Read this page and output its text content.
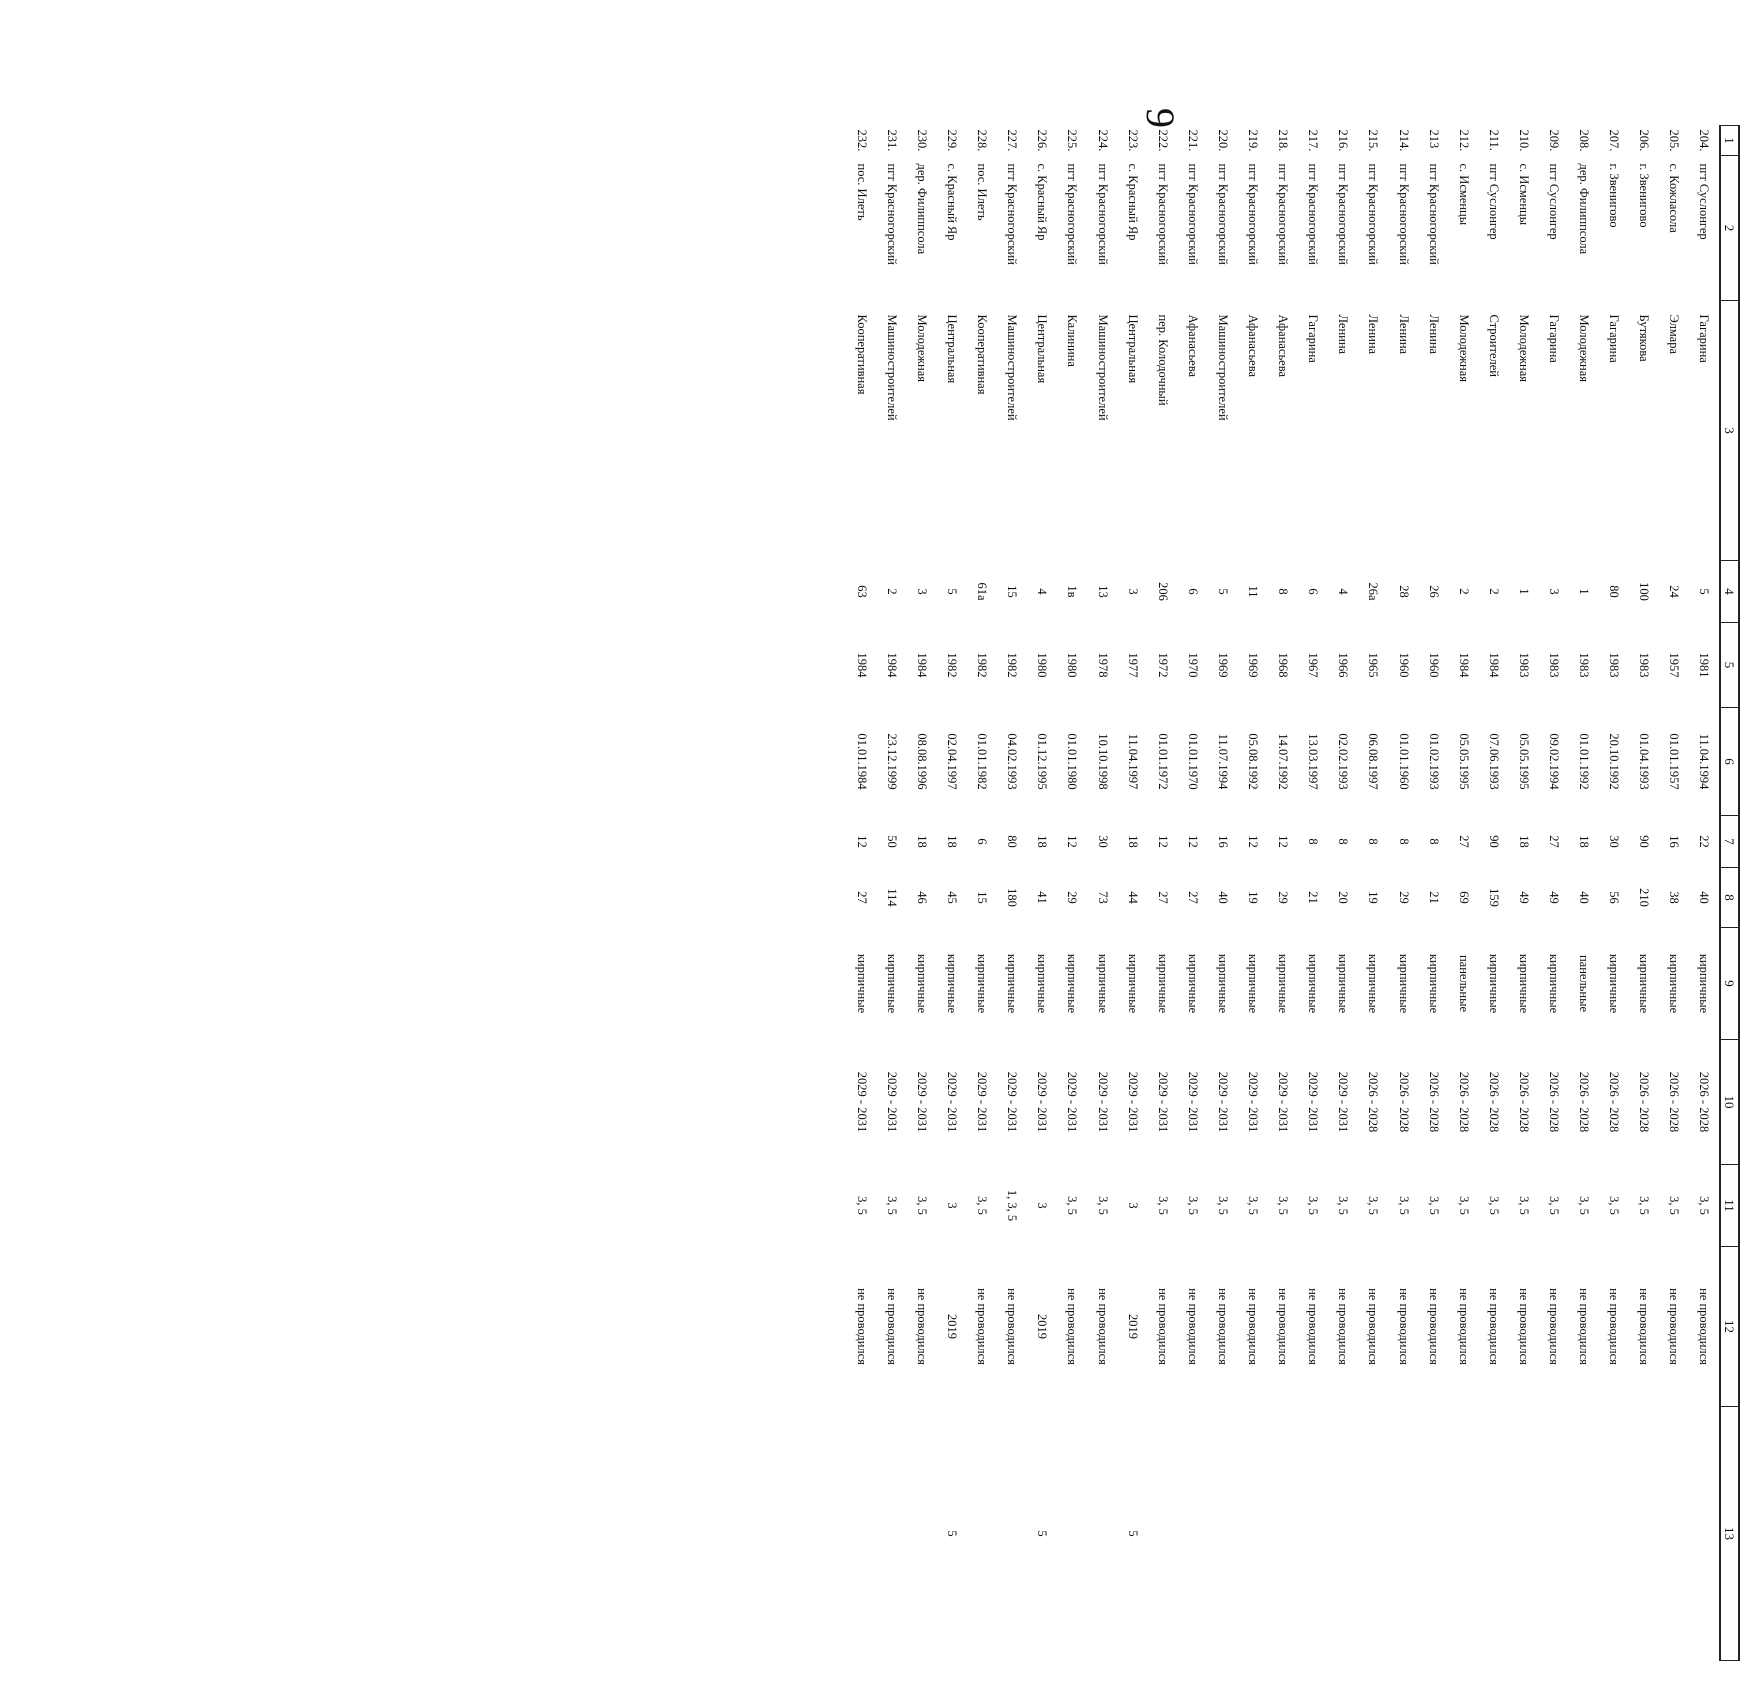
9
1	2	3	4	5	6	7	8	9	10	11	12	13
204.	пгт Суслонгер	Гагарина	5	1981	11.04.1994	22	40	кирпичные	2026 - 2028	3, 5	не проводился	
205.	с. Кожласола	Элмара	24	1957	01.01.1957	16	38	кирпичные	2026 - 2028	3, 5	не проводился	
206.	г. Звенигово	Бутякова	100	1983	01.04.1993	90	210	кирпичные	2026 - 2028	3, 5	не проводился	
207.	г. Звенигово	Гагарина	80	1983	20.10.1992	30	56	кирпичные	2026 - 2028	3, 5	не проводился	
208.	дер. Филиппсола	Молодежная	1	1983	01.01.1992	18	40	панельные	2026 - 2028	3, 5	не проводился	
209.	пгт Суслонгер	Гагарина	3	1983	09.02.1994	27	49	кирпичные	2026 - 2028	3, 5	не проводился	
210.	с. Исменцы	Молодежная	1	1983	05.05.1995	18	49	кирпичные	2026 - 2028	3, 5	не проводился	
211.	пгт Суслонгер	Строителей	2	1984	07.06.1993	90	159	кирпичные	2026 - 2028	3, 5	не проводился	
212.	с. Исменцы	Молодежная	2	1984	05.05.1995	27	69	панельные	2026 - 2028	3, 5	не проводился	
213	пгт Красногорский	Ленина	26	1960	01.02.1993	8	21	кирпичные	2026 - 2028	3, 5	не проводился	
214.	пгт Красногорский	Ленина	28	1960	01.01.1960	8	29	кирпичные	2026 - 2028	3, 5	не проводился	
215.	пгт Красногорский	Ленина	26а	1965	06.08.1997	8	19	кирпичные	2026 - 2028	3, 5	не проводился	
216.	пгт Красногорский	Ленина	4	1966	02.02.1993	8	20	кирпичные	2029 - 2031	3, 5	не проводился	
217.	пгт Красногорский	Гагарина	6	1967	13.03.1997	8	21	кирпичные	2029 - 2031	3, 5	не проводился	
218.	пгт Красногорский	Афанасьева	8	1968	14.07.1992	12	29	кирпичные	2029 - 2031	3, 5	не проводился	
219.	пгт Красногорский	Афанасьева	11	1969	05.08.1992	12	19	кирпичные	2029 - 2031	3, 5	не проводился	
220.	пгт Красногорский	Машиностроителей	5	1969	11.07.1994	16	40	кирпичные	2029 - 2031	3, 5	не проводился	
221.	пгт Красногорский	Афанасьева	6	1970	01.01.1970	12	27	кирпичные	2029 - 2031	3, 5	не проводился	
222.	пгт Красногорский	пер. Колодочный	206	1972	01.01.1972	12	27	кирпичные	2029 - 2031	3, 5	не проводился	
223.	с. Красный Яр	Центральная	3	1977	11.04.1997	18	44	кирпичные	2029 - 2031	3	2019	5
224.	пгт Красногорский	Машиностроителей	13	1978	10.10.1998	30	73	кирпичные	2029 - 2031	3, 5	не проводился	
225.	пгт Красногорский	Калинина	1в	1980	01.01.1980	12	29	кирпичные	2029 - 2031	3, 5	не проводился	
226.	с. Красный Яр	Центральная	4	1980	01.12.1995	18	41	кирпичные	2029 - 2031	3	2019	5
227.	пгт Красногорский	Машиностроителей	15	1982	04.02.1993	80	180	кирпичные	2029 - 2031	1, 3, 5	не проводился	
228.	пос. Илеть	Кооперативная	61а	1982	01.01.1982	6	15	кирпичные	2029 - 2031	3, 5	не проводился	
229.	с. Красный Яр	Центральная	5	1982	02.04.1997	18	45	кирпичные	2029 - 2031	3	2019	5
230.	дер. Филиппсола	Молодежная	3	1984	08.08.1996	18	46	кирпичные	2029 - 2031	3, 5	не проводился	
231.	пгт Красногорский	Машиностроителей	2	1984	23.12.1999	50	114	кирпичные	2029 - 2031	3, 5	не проводился	
232.	пос. Илеть	Кооперативная	63	1984	01.01.1984	12	27	кирпичные	2029 - 2031	3, 5	не проводился	
